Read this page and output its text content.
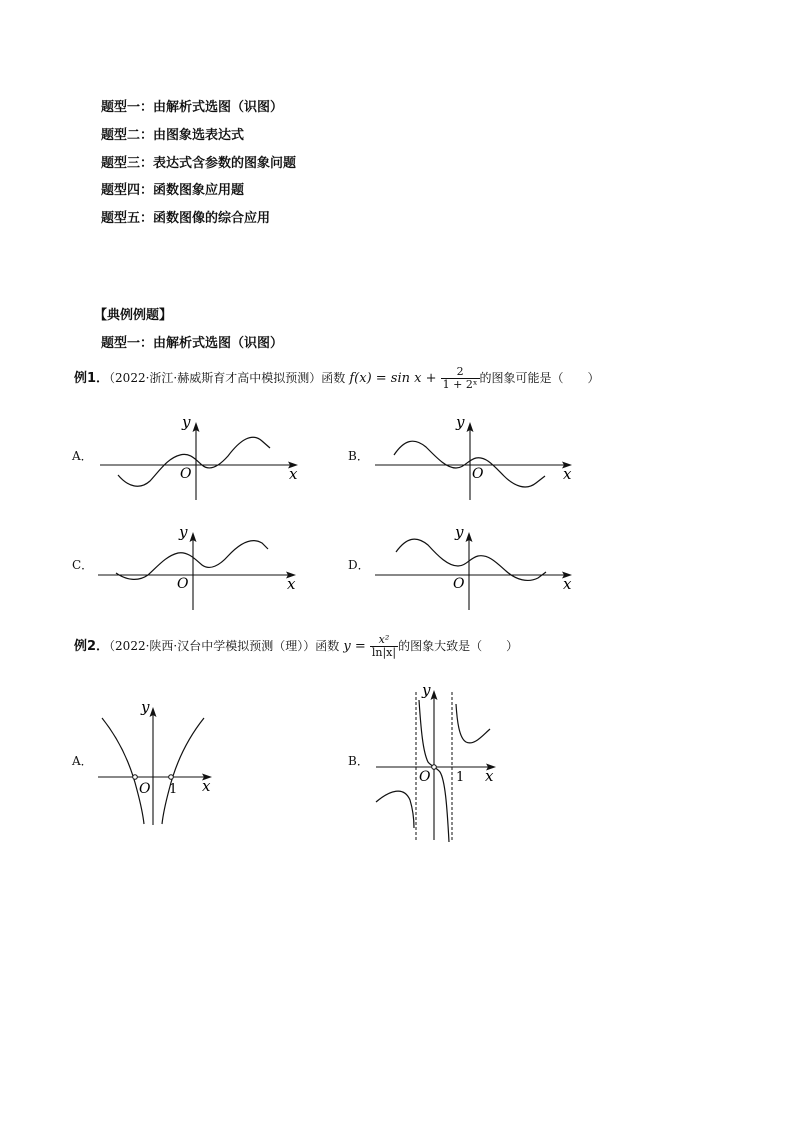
题型一：由解析式选图（识图）
题型二：由图象选表达式
题型三：表达式含参数的图象问题
题型四：函数图象应用题
题型五：函数图像的综合应用
【典例例题】
题型一：由解析式选图（识图）
例1．（2022·浙江·赫威斯育才高中模拟预测）函数 $f(x) = \sin x + \frac{2}{\text{1 + 2ˣ}}$ 的图象可能是（　　）
A．	B．
C．	D．
O	x
y
O	x
y
O	x
y
O	x
y
例2．（2022·陕西·汉台中学模拟预测（理））函数 $y = \frac{\text{x²}}{\ln|x|}$ 的图象大致是（　　）
A．	B．
O 1 x
y
O 1 x
y
